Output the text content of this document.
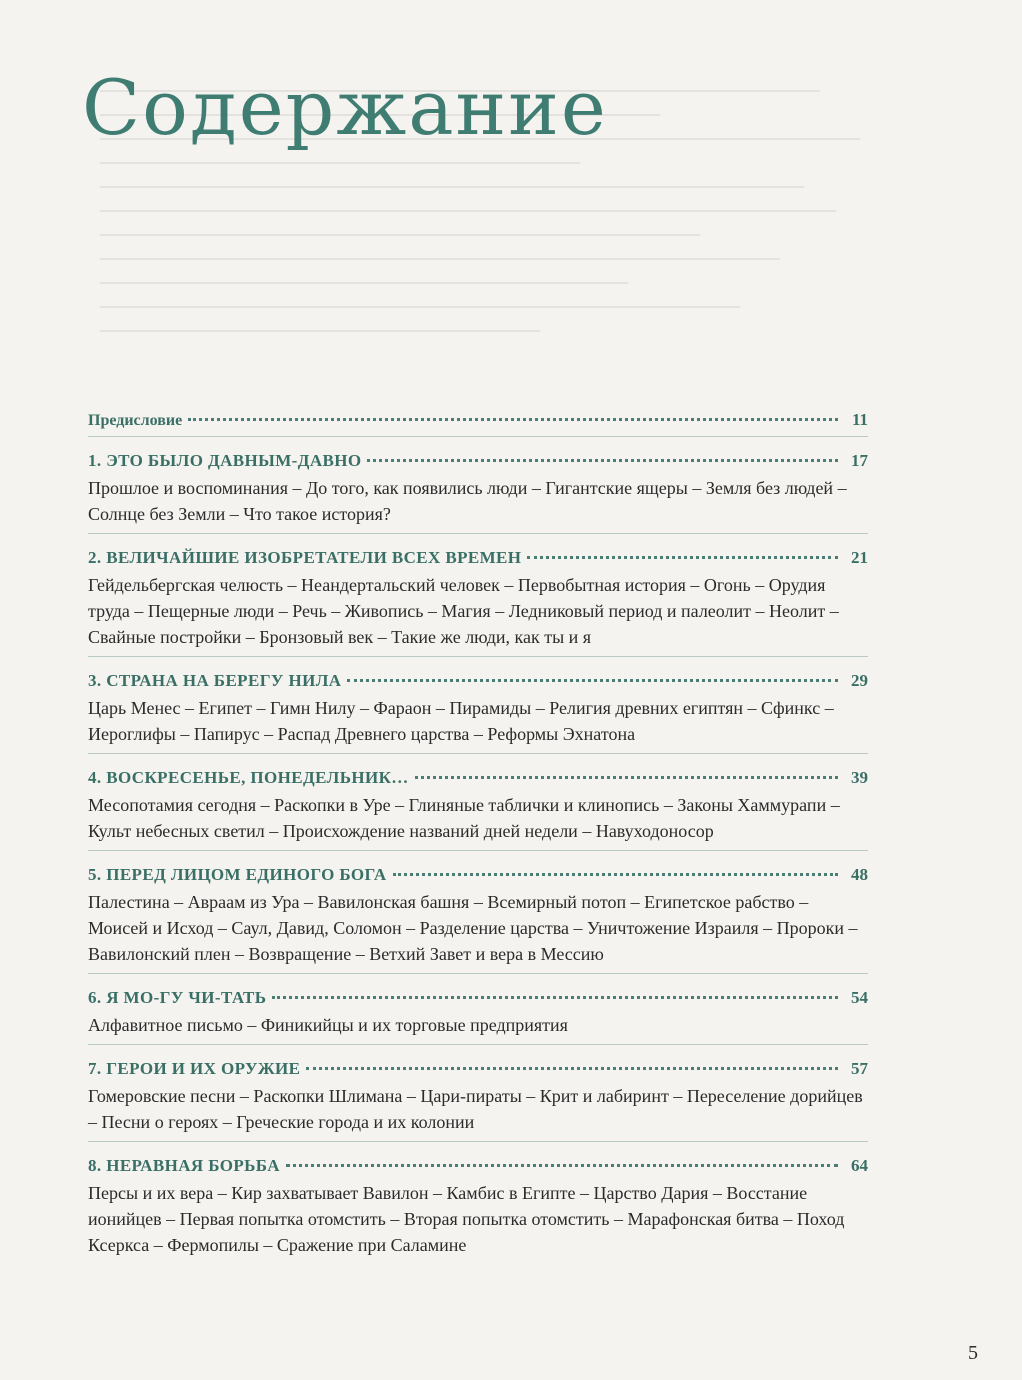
Содержание
Предисловие	11
1. ЭТО БЫЛО ДАВНЫМ-ДАВНО	17
Прошлое и воспоминания – До того, как появились люди – Гигантские ящеры – Земля без людей – Солнце без Земли – Что такое история?
2. ВЕЛИЧАЙШИЕ ИЗОБРЕТАТЕЛИ ВСЕХ ВРЕМЕН	21
Гейдельбергская челюсть – Неандертальский человек – Первобытная история – Огонь – Орудия труда – Пещерные люди – Речь – Живопись – Магия – Ледниковый период и палеолит – Неолит – Свайные постройки – Бронзовый век – Такие же люди, как ты и я
3. СТРАНА НА БЕРЕГУ НИЛА	29
Царь Менес – Египет – Гимн Нилу – Фараон – Пирамиды – Религия древних египтян – Сфинкс – Иероглифы – Папирус – Распад Древнего царства – Реформы Эхнатона
4. ВОСКРЕСЕНЬЕ, ПОНЕДЕЛЬНИК…	39
Месопотамия сегодня – Раскопки в Уре – Глиняные таблички и клинопись – Законы Хаммурапи – Культ небесных светил – Происхождение названий дней недели – Навуходоносор
5. ПЕРЕД ЛИЦОМ ЕДИНОГО БОГА	48
Палестина – Авраам из Ура – Вавилонская башня – Всемирный потоп – Египетское рабство – Моисей и Исход – Саул, Давид, Соломон – Разделение царства – Уничтожение Израиля – Пророки – Вавилонский плен – Возвращение – Ветхий Завет и вера в Мессию
6. Я МО-ГУ ЧИ-ТАТЬ	54
Алфавитное письмо – Финикийцы и их торговые предприятия
7. ГЕРОИ И ИХ ОРУЖИЕ	57
Гомеровские песни – Раскопки Шлимана – Цари-пираты – Крит и лабиринт – Переселение дорийцев – Песни о героях – Греческие города и их колонии
8. НЕРАВНАЯ БОРЬБА	64
Персы и их вера – Кир захватывает Вавилон – Камбис в Египте – Царство Дария – Восстание ионийцев – Первая попытка отомстить – Вторая попытка отомстить – Марафонская битва – Поход Ксеркса – Фермопилы – Сражение при Саламине
5
